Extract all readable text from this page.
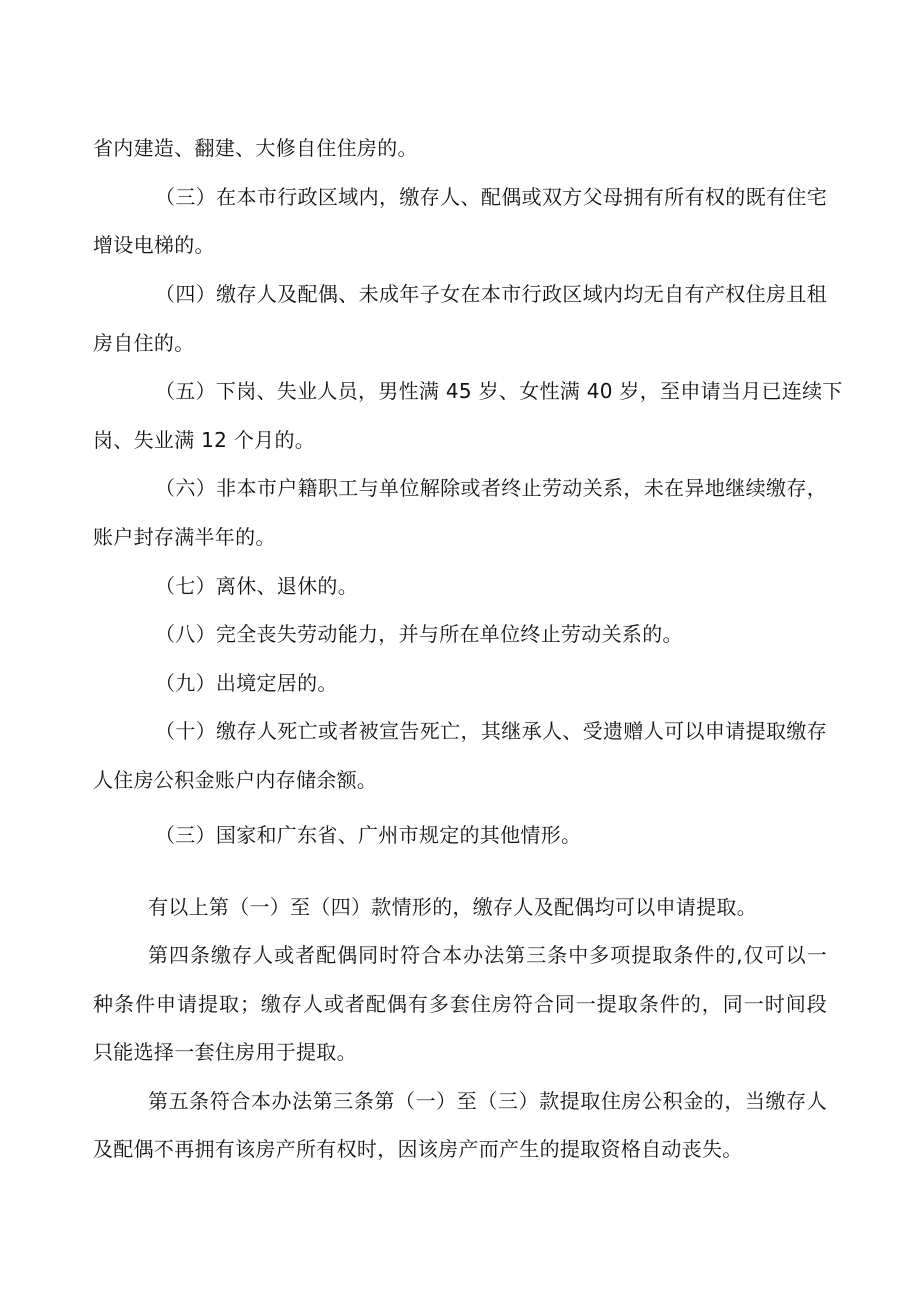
省内建造、翻建、大修自住住房的。
（三）在本市行政区域内，缴存人、配偶或双方父母拥有所有权的既有住宅
增设电梯的。
（四）缴存人及配偶、未成年子女在本市行政区域内均无自有产权住房且租
房自住的。
（五）下岗、失业人员，男性满 45 岁、女性满 40 岁，至申请当月已连续下
岗、失业满 12 个月的。
（六）非本市户籍职工与单位解除或者终止劳动关系，未在异地继续缴存，
账户封存满半年的。
（七）离休、退休的。
（八）完全丧失劳动能力，并与所在单位终止劳动关系的。
（九）出境定居的。
（十）缴存人死亡或者被宣告死亡，其继承人、受遗赠人可以申请提取缴存
人住房公积金账户内存储余额。
（三）国家和广东省、广州市规定的其他情形。
有以上第（一）至（四）款情形的，缴存人及配偶均可以申请提取。
第四条缴存人或者配偶同时符合本办法第三条中多项提取条件的,仅可以一
种条件申请提取；缴存人或者配偶有多套住房符合同一提取条件的，同一时间段
只能选择一套住房用于提取。
第五条符合本办法第三条第（一）至（三）款提取住房公积金的，当缴存人
及配偶不再拥有该房产所有权时，因该房产而产生的提取资格自动丧失。
